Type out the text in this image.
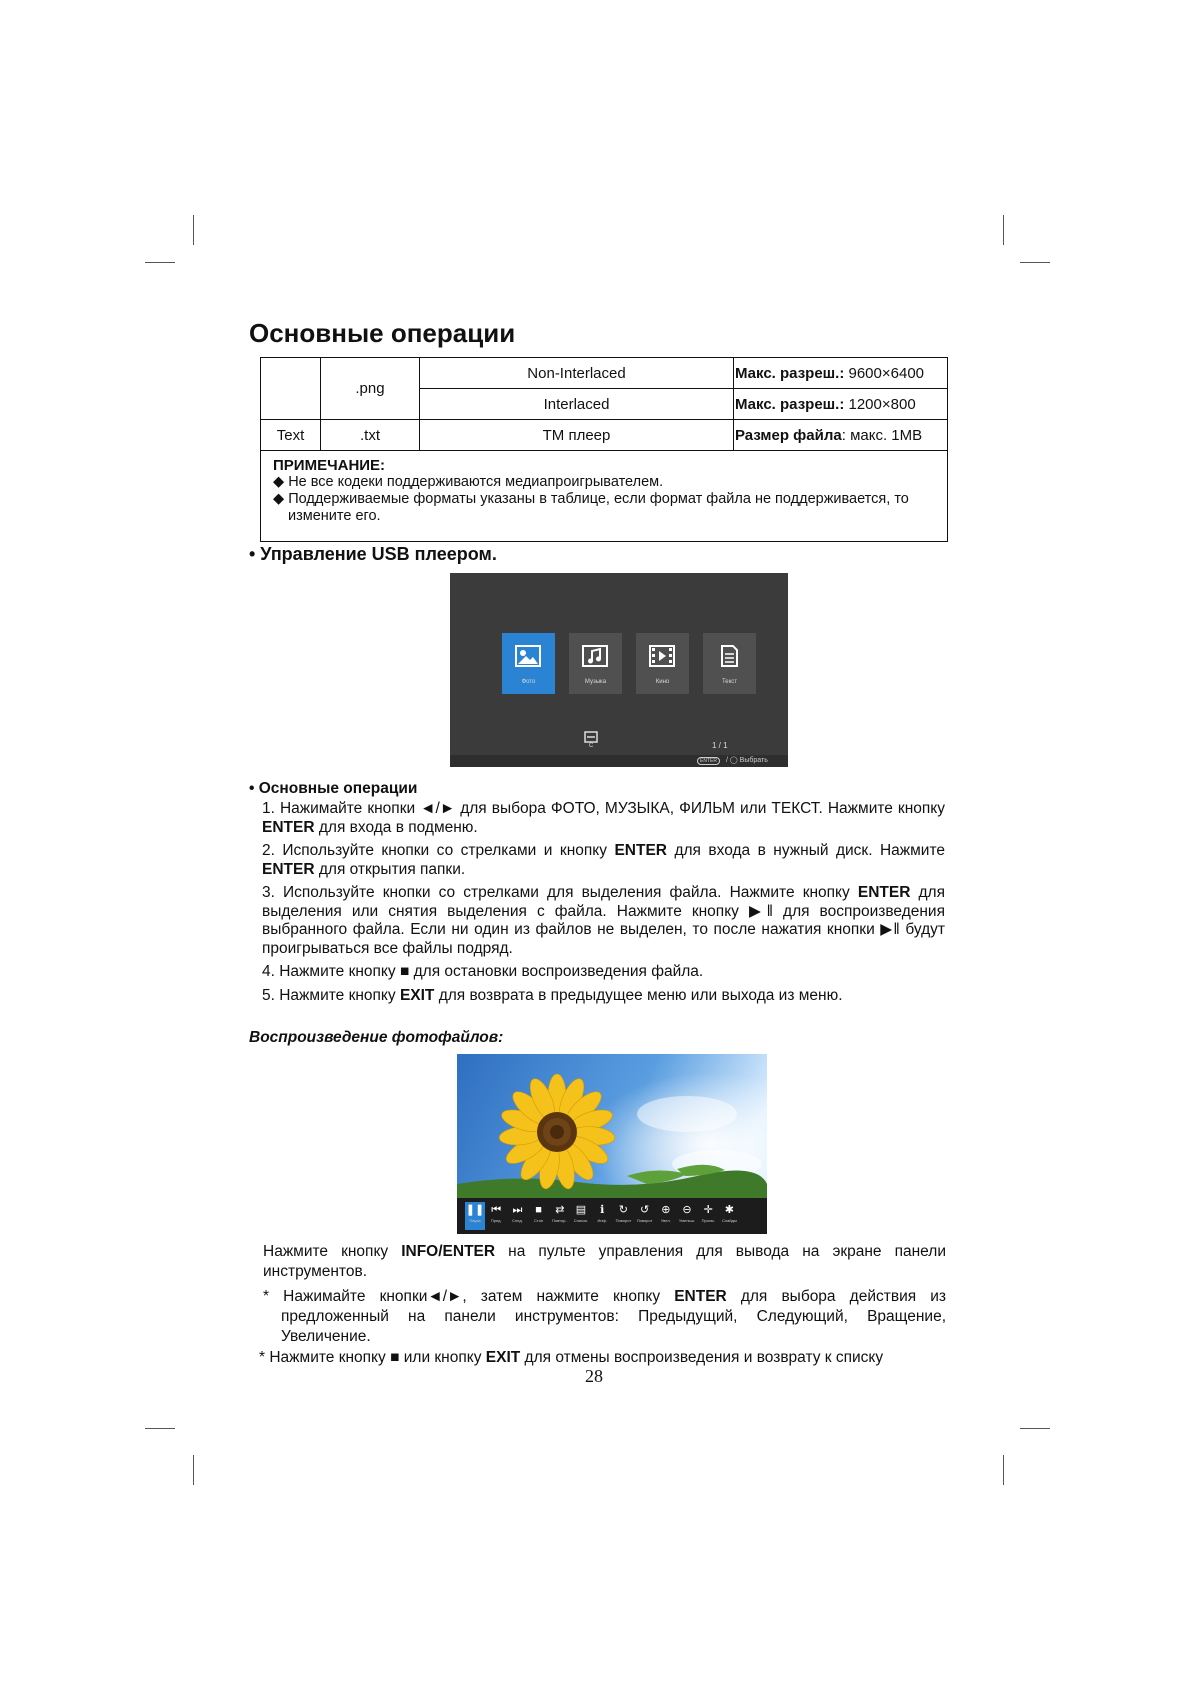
Основные операции
	.png	Non-Interlaced	Макс. разреш.: 9600×6400
		Interlaced	Макс. разреш.: 1200×800
Text	.txt	TM плеер	Размер файла: макс. 1MB

ПРИМЕЧАНИЕ:
◆ Не все кодеки поддерживаются медиапроигрывателем.
◆ Поддерживаемые форматы указаны в таблице, если формат файла не поддерживается, то измените его.			
• Управление USB плеером.
Фото	Музыка	Кино	Текст
C	1 / 1
ENTER	/ ◯ Выбрать
• Основные операции
1. Нажимайте кнопки ◄/► для выбора ФОТО, МУЗЫКА, ФИЛЬМ или ТЕКСТ. Нажмите кнопку ENTER для входа в подменю.
2. Используйте кнопки со стрелками и кнопку ENTER для входа в нужный диск. Нажмите ENTER для открытия папки.
3. Используйте кнопки со стрелками для выделения файла. Нажмите кнопку ENTER для выделения или снятия выделения с файла. Нажмите кнопку ▶ǁ для воспроизведения выбранного файла. Если ни один из файлов не выделен, то после нажатия кнопки ▶ǁ будут проигрываться все файлы подряд.
4. Нажмите кнопку ■ для остановки воспроизведения файла.
5. Нажмите кнопку EXIT для возврата в предыдущее меню или выхода из меню.
Воспроизведение фотофайлов:
❚❚
Пауза
⏮
Пред.
⏭
След.
■
Стоп
⇄
Повтор..
▤
Список.
ℹ
Инф.
↻
Поворот
↺
Поворот
⊕
Увел.
⊖
Уменьш.
✛
Просм.
✱
Слайды

Нажмите кнопку INFO/ENTER на пульте управления для вывода на экране панели инструментов.

* Нажимайте кнопки◄/►, затем нажмите кнопку ENTER для выбора действия из предложенный на панели инструментов: Предыдущий, Следующий, Вращение, Увеличение.

* Нажмите кнопку ■ или кнопку EXIT для отмены воспроизведения и возврату к списку

28
